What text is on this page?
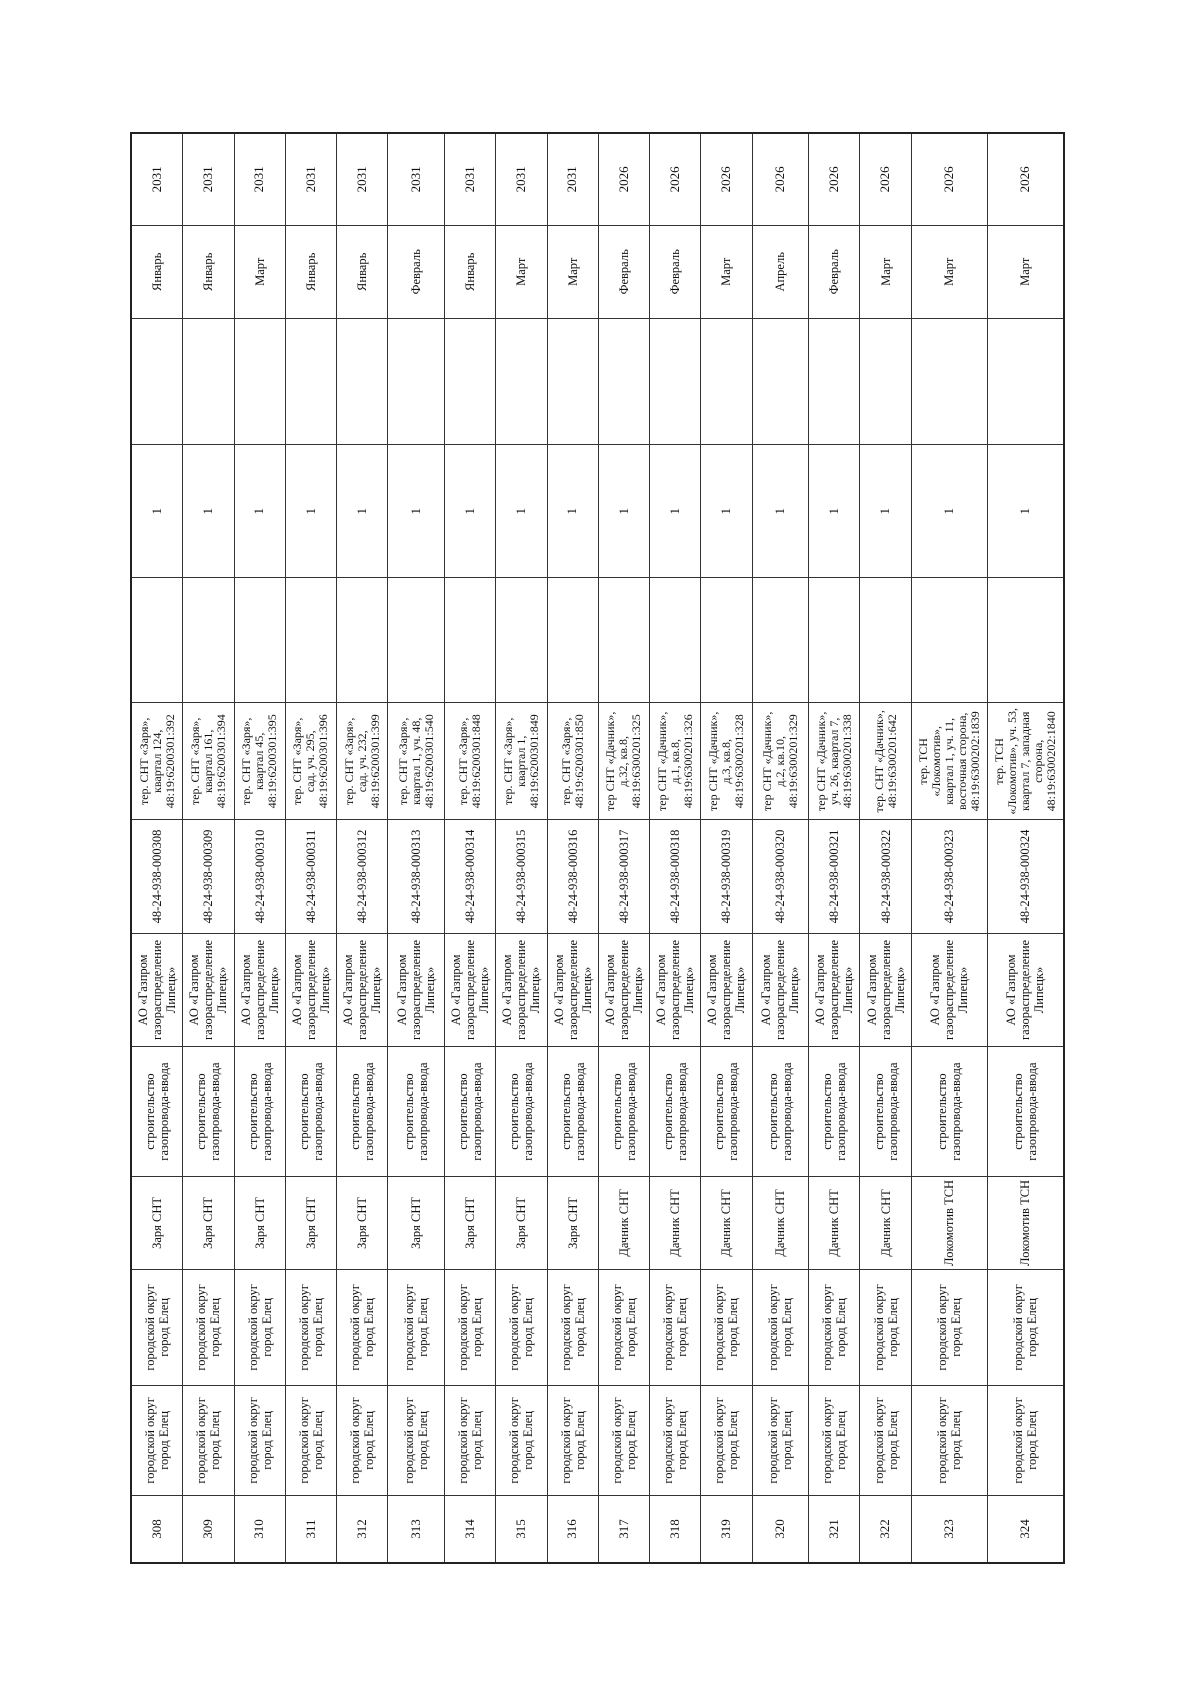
308	городской округ город Елец	городской округ город Елец	Заря СНТ	строительство газопровода-ввода	АО «Газпром газораспределение Липецк»	48-24-938-000308	тер. СНТ «Заря», квартал 124, 48:19:6200301:392		1		Январь	2031
309	городской округ город Елец	городской округ город Елец	Заря СНТ	строительство газопровода-ввода	АО «Газпром газораспределение Липецк»	48-24-938-000309	тер. СНТ «Заря», квартал 161, 48:19:6200301:394		1		Январь	2031
310	городской округ город Елец	городской округ город Елец	Заря СНТ	строительство газопровода-ввода	АО «Газпром газораспределение Липецк»	48-24-938-000310	тер. СНТ «Заря», квартал 45, 48:19:6200301:395		1		Март	2031
311	городской округ город Елец	городской округ город Елец	Заря СНТ	строительство газопровода-ввода	АО «Газпром газораспределение Липецк»	48-24-938-000311	тер. СНТ «Заря», сад. уч. 295, 48:19:6200301:396		1		Январь	2031
312	городской округ город Елец	городской округ город Елец	Заря СНТ	строительство газопровода-ввода	АО «Газпром газораспределение Липецк»	48-24-938-000312	тер. СНТ «Заря», сад. уч. 232, 48:19:6200301:399		1		Январь	2031
313	городской округ город Елец	городской округ город Елец	Заря СНТ	строительство газопровода-ввода	АО «Газпром газораспределение Липецк»	48-24-938-000313	тер. СНТ «Заря», квартал 1, уч. 48, 48:19:6200301:540		1		Февраль	2031
314	городской округ город Елец	городской округ город Елец	Заря СНТ	строительство газопровода-ввода	АО «Газпром газораспределение Липецк»	48-24-938-000314	тер. СНТ «Заря», 48:19:6200301:848		1		Январь	2031
315	городской округ город Елец	городской округ город Елец	Заря СНТ	строительство газопровода-ввода	АО «Газпром газораспределение Липецк»	48-24-938-000315	тер. СНТ «Заря», квартал 1, 48:19:6200301:849		1		Март	2031
316	городской округ город Елец	городской округ город Елец	Заря СНТ	строительство газопровода-ввода	АО «Газпром газораспределение Липецк»	48-24-938-000316	тер. СНТ «Заря», 48:19:6200301:850		1		Март	2031
317	городской округ город Елец	городской округ город Елец	Дачник СНТ	строительство газопровода-ввода	АО «Газпром газораспределение Липецк»	48-24-938-000317	тер СНТ «Дачник», д.32, кв.8, 48:19:6300201:325		1		Февраль	2026
318	городской округ город Елец	городской округ город Елец	Дачник СНТ	строительство газопровода-ввода	АО «Газпром газораспределение Липецк»	48-24-938-000318	тер СНТ «Дачник», д.1, кв.8, 48:19:6300201:326		1		Февраль	2026
319	городской округ город Елец	городской округ город Елец	Дачник СНТ	строительство газопровода-ввода	АО «Газпром газораспределение Липецк»	48-24-938-000319	тер СНТ «Дачник», д.3, кв.8, 48:19:6300201:328		1		Март	2026
320	городской округ город Елец	городской округ город Елец	Дачник СНТ	строительство газопровода-ввода	АО «Газпром газораспределение Липецк»	48-24-938-000320	тер СНТ «Дачник», д.2, кв.10, 48:19:6300201:329		1		Апрель	2026
321	городской округ город Елец	городской округ город Елец	Дачник СНТ	строительство газопровода-ввода	АО «Газпром газораспределение Липецк»	48-24-938-000321	тер СНТ «Дачник», уч. 26, квартал 7, 48:19:6300201:338		1		Февраль	2026
322	городской округ город Елец	городской округ город Елец	Дачник СНТ	строительство газопровода-ввода	АО «Газпром газораспределение Липецк»	48-24-938-000322	тер. СНТ «Дачник», 48:19:6300201:642		1		Март	2026
323	городской округ город Елец	городской округ город Елец	Локомотив ТСН	строительство газопровода-ввода	АО «Газпром газораспределение Липецк»	48-24-938-000323	тер. ТСН «Локомотив», квартал 1, уч. 11, восточная сторона, 48:19:6300202:1839		1		Март	2026
324	городской округ город Елец	городской округ город Елец	Локомотив ТСН	строительство газопровода-ввода	АО «Газпром газораспределение Липецк»	48-24-938-000324	тер. ТСН «Локомотив», уч. 53, квартал 7, западная сторона, 48:19:6300202:1840		1		Март	2026
